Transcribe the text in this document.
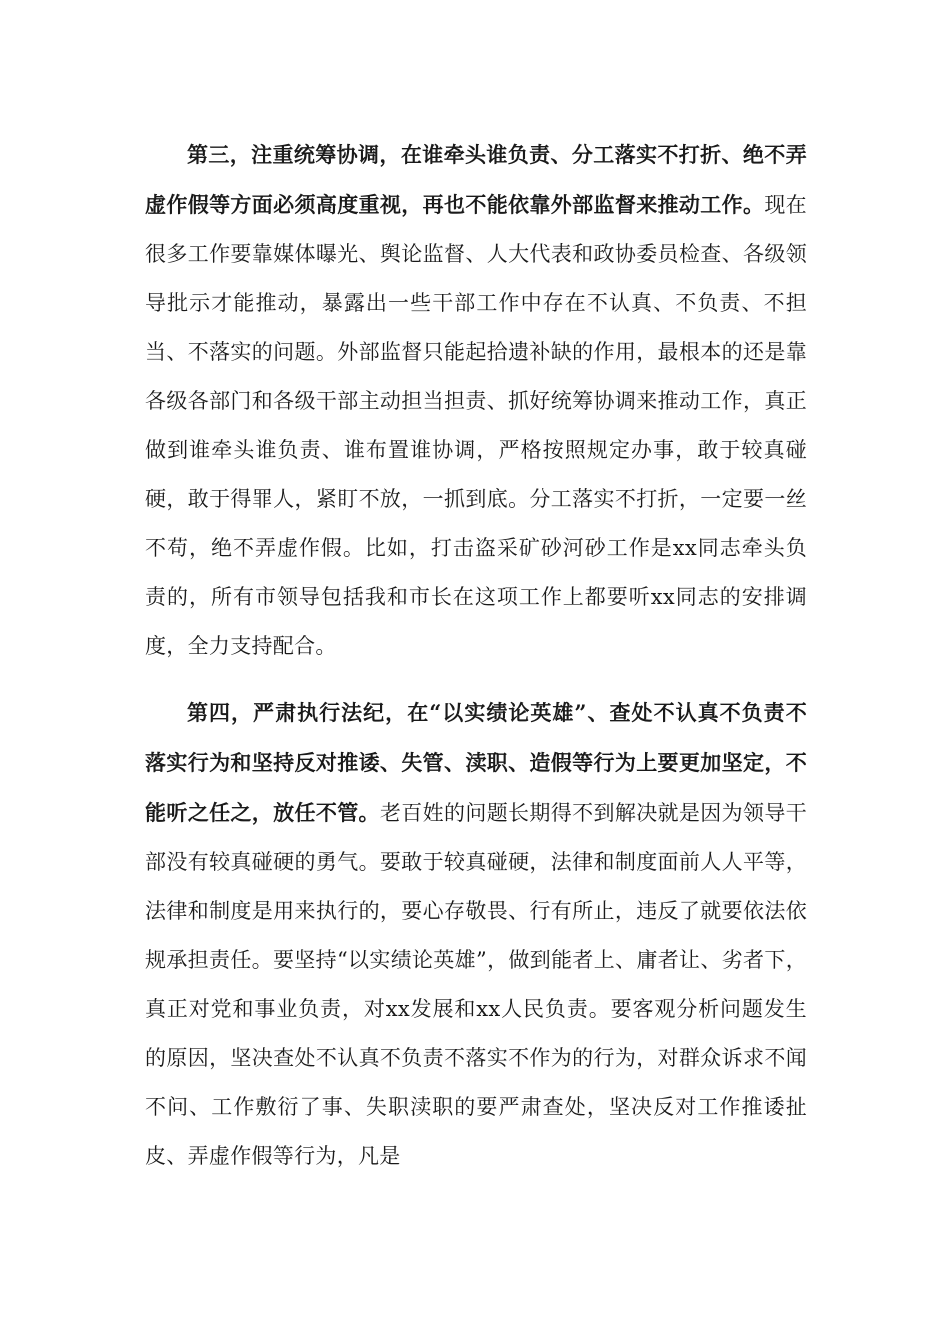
第三，注重统筹协调，在谁牵头谁负责、分工落实不打折、绝不弄虚作假等方面必须高度重视，再也不能依靠外部监督来推动工作。现在很多工作要靠媒体曝光、舆论监督、人大代表和政协委员检查、各级领导批示才能推动，暴露出一些干部工作中存在不认真、不负责、不担当、不落实的问题。外部监督只能起拾遗补缺的作用，最根本的还是靠各级各部门和各级干部主动担当担责、抓好统筹协调来推动工作，真正做到谁牵头谁负责、谁布置谁协调，严格按照规定办事，敢于较真碰硬，敢于得罪人，紧盯不放，一抓到底。分工落实不打折，一定要一丝不苟，绝不弄虚作假。比如，打击盗采矿砂河砂工作是xx同志牵头负责的，所有市领导包括我和市长在这项工作上都要听xx同志的安排调度，全力支持配合。

第四，严肃执行法纪，在“以实绩论英雄”、查处不认真不负责不落实行为和坚持反对推诿、失管、渎职、造假等行为上要更加坚定，不能听之任之，放任不管。老百姓的问题长期得不到解决就是因为领导干部没有较真碰硬的勇气。要敢于较真碰硬，法律和制度面前人人平等，法律和制度是用来执行的，要心存敬畏、行有所止，违反了就要依法依规承担责任。要坚持“以实绩论英雄”，做到能者上、庸者让、劣者下，真正对党和事业负责，对xx发展和xx人民负责。要客观分析问题发生的原因，坚决查处不认真不负责不落实不作为的行为，对群众诉求不闻不问、工作敷衍了事、失职渎职的要严肃查处，坚决反对工作推诿扯皮、弄虚作假等行为，凡是
